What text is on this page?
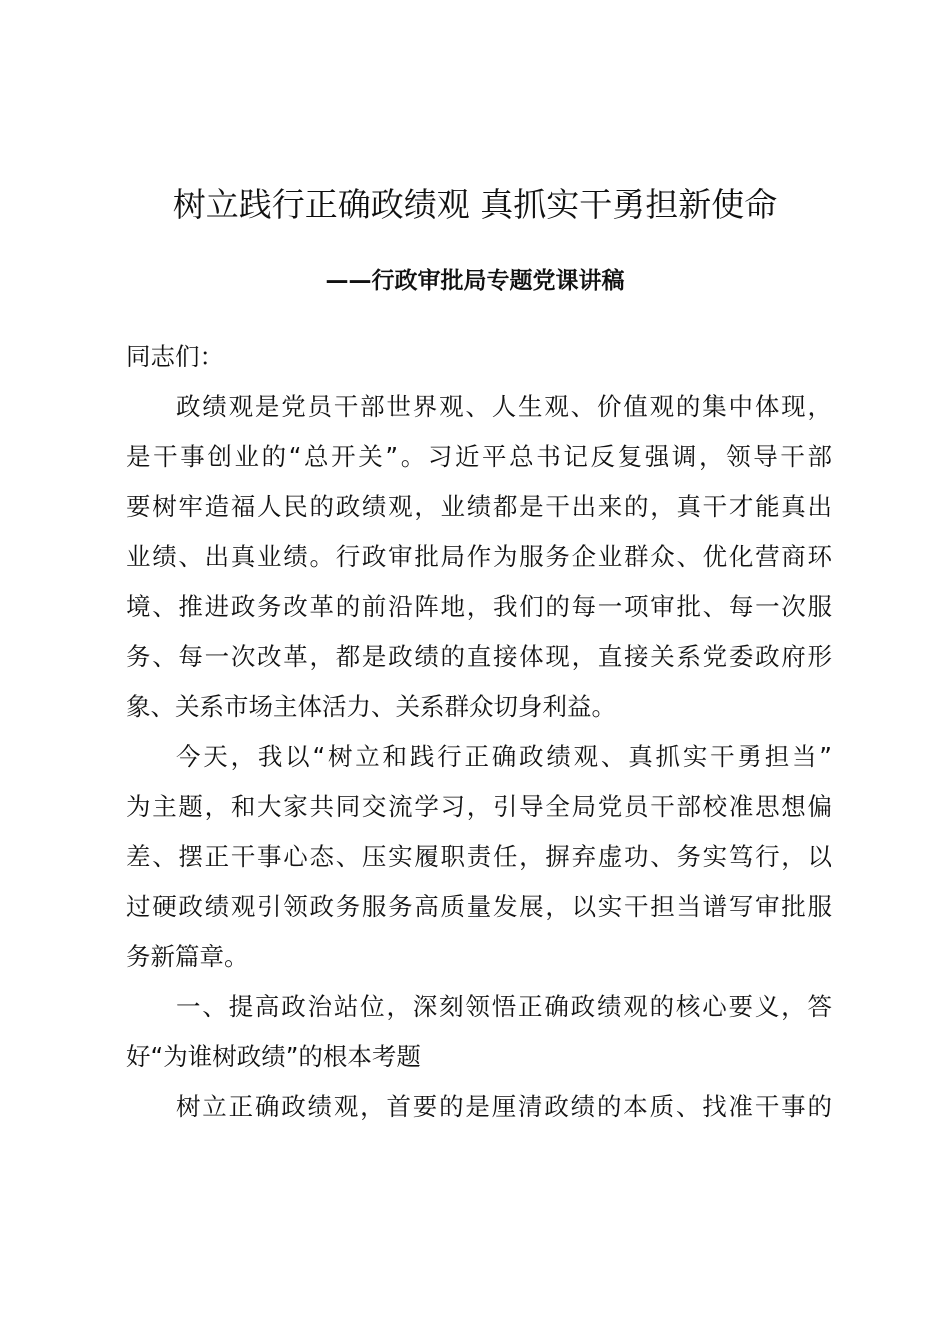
树立践行正确政绩观 真抓实干勇担新使命
——行政审批局专题党课讲稿
同志们：
政绩观是党员干部世界观、人生观、价值观的集中体现，
是干事创业的“总开关”。习近平总书记反复强调，领导干部
要树牢造福人民的政绩观，业绩都是干出来的，真干才能真出
业绩、出真业绩。行政审批局作为服务企业群众、优化营商环
境、推进政务改革的前沿阵地，我们的每一项审批、每一次服
务、每一次改革，都是政绩的直接体现，直接关系党委政府形
象、关系市场主体活力、关系群众切身利益。
今天，我以“树立和践行正确政绩观、真抓实干勇担当”
为主题，和大家共同交流学习，引导全局党员干部校准思想偏
差、摆正干事心态、压实履职责任，摒弃虚功、务实笃行，以
过硬政绩观引领政务服务高质量发展，以实干担当谱写审批服
务新篇章。
一、提高政治站位，深刻领悟正确政绩观的核心要义，答
好“为谁树政绩”的根本考题
树立正确政绩观，首要的是厘清政绩的本质、找准干事的
